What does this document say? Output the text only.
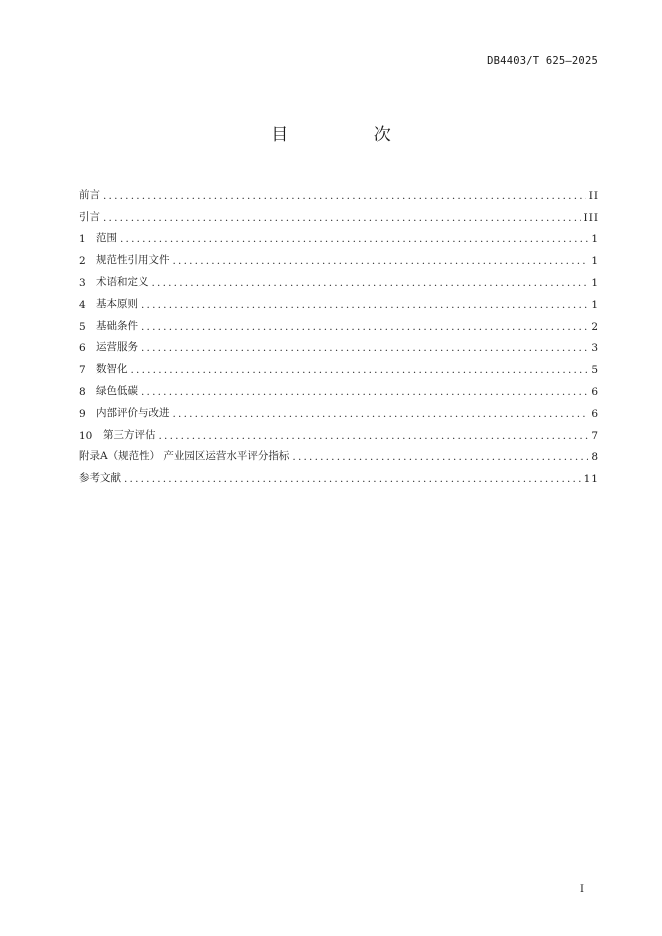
DB4403/T 625—2025
目 次
前言 .....	II
引言 .....	III
1 范围 .....	1
2 规范性引用文件 .....	1
3 术语和定义 .....	1
4 基本原则 .....	1
5 基础条件 .....	2
6 运营服务 .....	3
7 数智化 .....	5
8 绿色低碳 .....	6
9 内部评价与改进 .....	6
10	第三方评估 .....	7
附录A（规范性） 产业园区运营水平评分指标 .....	8
参考文献 .....	11
I
